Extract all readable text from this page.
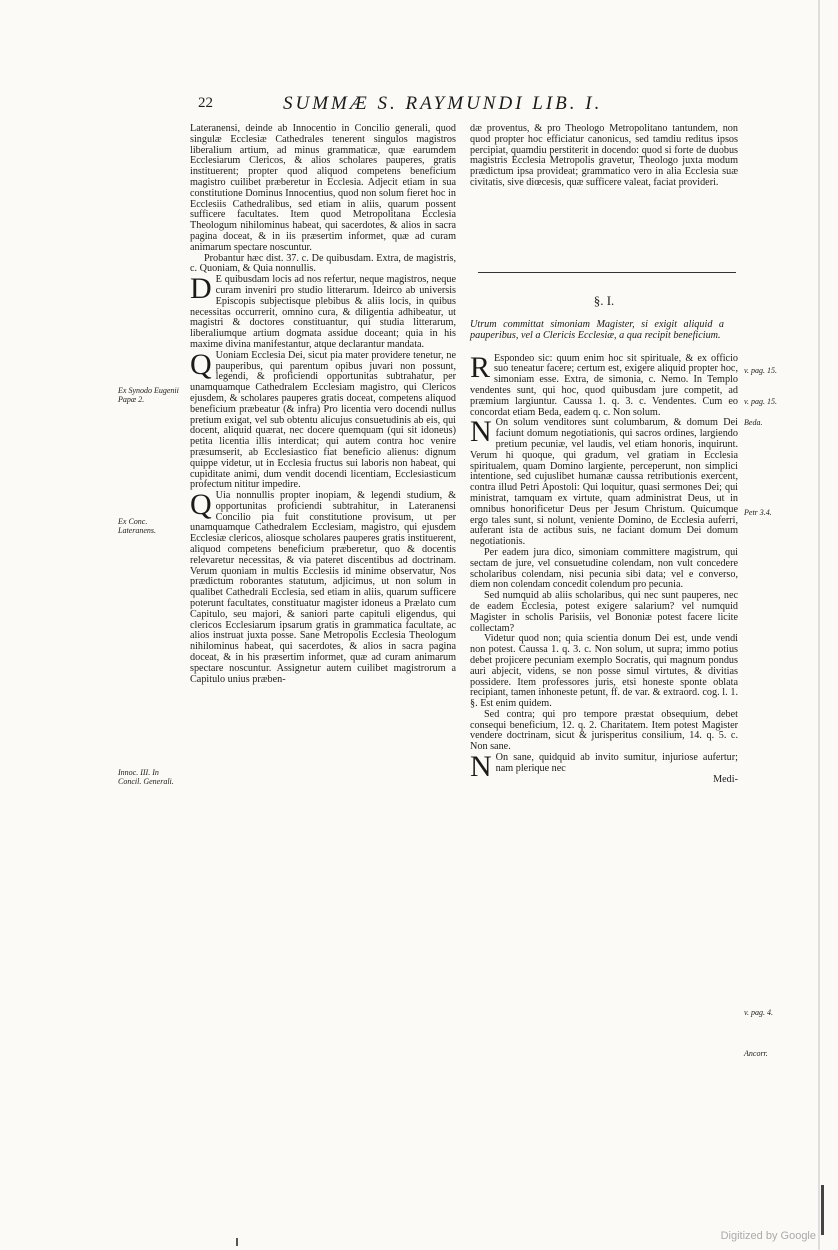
22	SUMMÆ S. RAYMUNDI LIB. I.

Lateranensi, deinde ab Innocentio in Concilio generali, quod singulæ Ecclesiæ Cathedrales tenerent singulos magistros liberalium artium, ad minus grammaticæ, quæ earumdem Ecclesiarum Clericos, & alios scholares pauperes, gratis instituerent; propter quod aliquod competens beneficium magistro cuilibet præberetur in Ecclesia. Adjecit etiam in sua constitutione Dominus Innocentius, quod non solum fieret hoc in Ecclesiis Cathedralibus, sed etiam in aliis, quarum possent sufficere facultates. Item quod Metropolitana Ecclesia Theologum nihilominus habeat, qui sacerdotes, & alios in sacra pagina doceat, & in iis præsertim informet, quæ ad curam animarum spectare noscuntur.

Probantur hæc dist. 37. c. De quibusdam. Extra, de magistris, c. Quoniam, & Quia nonnullis.

D E quibusdam locis ad nos refertur, neque magistros, neque curam inveniri pro studio litterarum. Ideirco ab universis Episcopis subjectisque plebibus & aliis locis, in quibus necessitas occurrerit, omnino cura, & diligentia adhibeatur, ut magistri & doctores constituantur, qui studia litterarum, liberaliumque artium dogmata assidue doceant; quia in his maxime divina manifestantur, atque declarantur mandata.

Q Uoniam Ecclesia Dei, sicut pia mater providere tenetur, ne pauperibus, qui parentum opibus juvari non possunt, legendi, & proficiendi opportunitas subtrahatur, per unamquamque Cathedralem Ecclesiam magistro, qui Clericos ejusdem, & scholares pauperes gratis doceat, competens aliquod beneficium præbeatur (& infra) Pro licentia vero docendi nullus pretium exigat, vel sub obtentu alicujus consuetudinis ab eis, qui docent, aliquid quærat, nec docere quemquam (qui sit idoneus) petita licentia illis interdicat; qui autem contra hoc venire præsumserit, ab Ecclesiastico fiat beneficio alienus: dignum quippe videtur, ut in Ecclesia fructus sui laboris non habeat, qui cupiditate animi, dum vendit docendi licentiam, Ecclesiasticum profectum nititur impedire.

Q Uia nonnullis propter inopiam, & legendi studium, & opportunitas proficiendi subtrahitur, in Lateranensi Concilio pia fuit constitutione provisum, ut per unamquamque Cathedralem Ecclesiam, magistro, qui ejusdem Ecclesiæ clericos, aliosque scholares pauperes gratis instituerent, aliquod competens beneficium præberetur, quo & docentis relevaretur necessitas, & via pateret discentibus ad doctrinam. Verum quoniam in multis Ecclesiis id minime observatur, Nos prædictum roborantes statutum, adjicimus, ut non solum in qualibet Cathedrali Ecclesia, sed etiam in aliis, quarum sufficere poterunt facultates, constituatur magister idoneus a Prælato cum Capitulo, seu majori, & saniori parte capituli eligendus, qui clericos Ecclesiarum ipsarum gratis in grammatica facultate, ac alios instruat juxta posse. Sane Metropolis Ecclesia Theologum nihilominus habeat, qui sacerdotes, & alios in sacra pagina doceat, & in his præsertim informet, quæ ad curam animarum spectare noscuntur. Assignetur autem cuilibet magistrorum a Capitulo unius præben-

Ex Synodo Eugenii Papæ 2.
Ex Conc. Lateranens.
Innoc. III. In Concil. Generali.

dæ proventus, & pro Theologo Metropolitano tantundem, non quod propter hoc efficiatur canonicus, sed tamdiu reditus ipsos percipiat, quamdiu perstiterit in docendo: quod si forte de duobus magistris Ecclesia Metropolis gravetur, Theologo juxta modum prædictum ipsa provideat; grammatico vero in alia Ecclesia suæ civitatis, sive diœcesis, quæ sufficere valeat, faciat provideri.

§. I.

Utrum committat simoniam Magister, si exigit aliquid a pauperibus, vel a Clericis Ecclesiæ, a qua recipit beneficium.

R Espondeo sic: quum enim hoc sit spirituale, & ex officio suo teneatur facere; certum est, exigere aliquid propter hoc, simoniam esse. Extra, de simonia, c. Nemo. In Templo vendentes sunt, qui hoc, quod quibusdam jure competit, ad præmium largiuntur. Caussa 1. q. 3. c. Vendentes. Cum eo concordat etiam Beda, eadem q. c. Non solum.

N On solum venditores sunt columbarum, & domum Dei faciunt domum negotiationis, qui sacros ordines, largiendo pretium pecuniæ, vel laudis, vel etiam honoris, inquirunt. Verum hi quoque, qui gradum, vel gratiam in Ecclesia spiritualem, quam Domino largiente, perceperunt, non simplici intentione, sed cujuslibet humanæ caussa retributionis exercent, contra illud Petri Apostoli: Qui loquitur, quasi sermones Dei; qui ministrat, tamquam ex virtute, quam administrat Deus, ut in omnibus honorificetur Deus per Jesum Christum. Quicumque ergo tales sunt, si nolunt, veniente Domino, de Ecclesia auferri, auferant ista de actibus suis, ne faciant domum Dei domum negotiationis.

Per eadem jura dico, simoniam committere magistrum, qui sectam de jure, vel consuetudine colendam, non vult concedere scholaribus colendam, nisi pecunia sibi data; vel e converso, diem non colendam concedit colendum pro pecunia.

Sed numquid ab aliis scholaribus, qui nec sunt pauperes, nec de eadem Ecclesia, potest exigere salarium? vel numquid Magister in scholis Parisiis, vel Bononiæ potest facere licite collectam?

Videtur quod non; quia scientia donum Dei est, unde vendi non potest. Caussa 1. q. 3. c. Non solum, ut supra; immo potius debet projicere pecuniam exemplo Socratis, qui magnum pondus auri abjecit, videns, se non posse simul virtutes, & divitias possidere. Item professores juris, etsi honeste sponte oblata recipiant, tamen inhoneste petunt, ff. de var. & extraord. cog. l. 1. §. Est enim quidem.

Sed contra; qui pro tempore præstat obsequium, debet consequi beneficium, 12. q. 2. Charitatem. Item potest Magister vendere doctrinam, sicut & jurisperitus consilium, 14. q. 5. c. Non sane.

N On sane, quidquid ab invito sumitur, injuriose aufertur; nam plerique nec

Medi-

v. pag. 15.
v. pag. 15.
Beda.
Petr 3.4.
v. pag. 4.
Ancorr.
Digitized by Google
